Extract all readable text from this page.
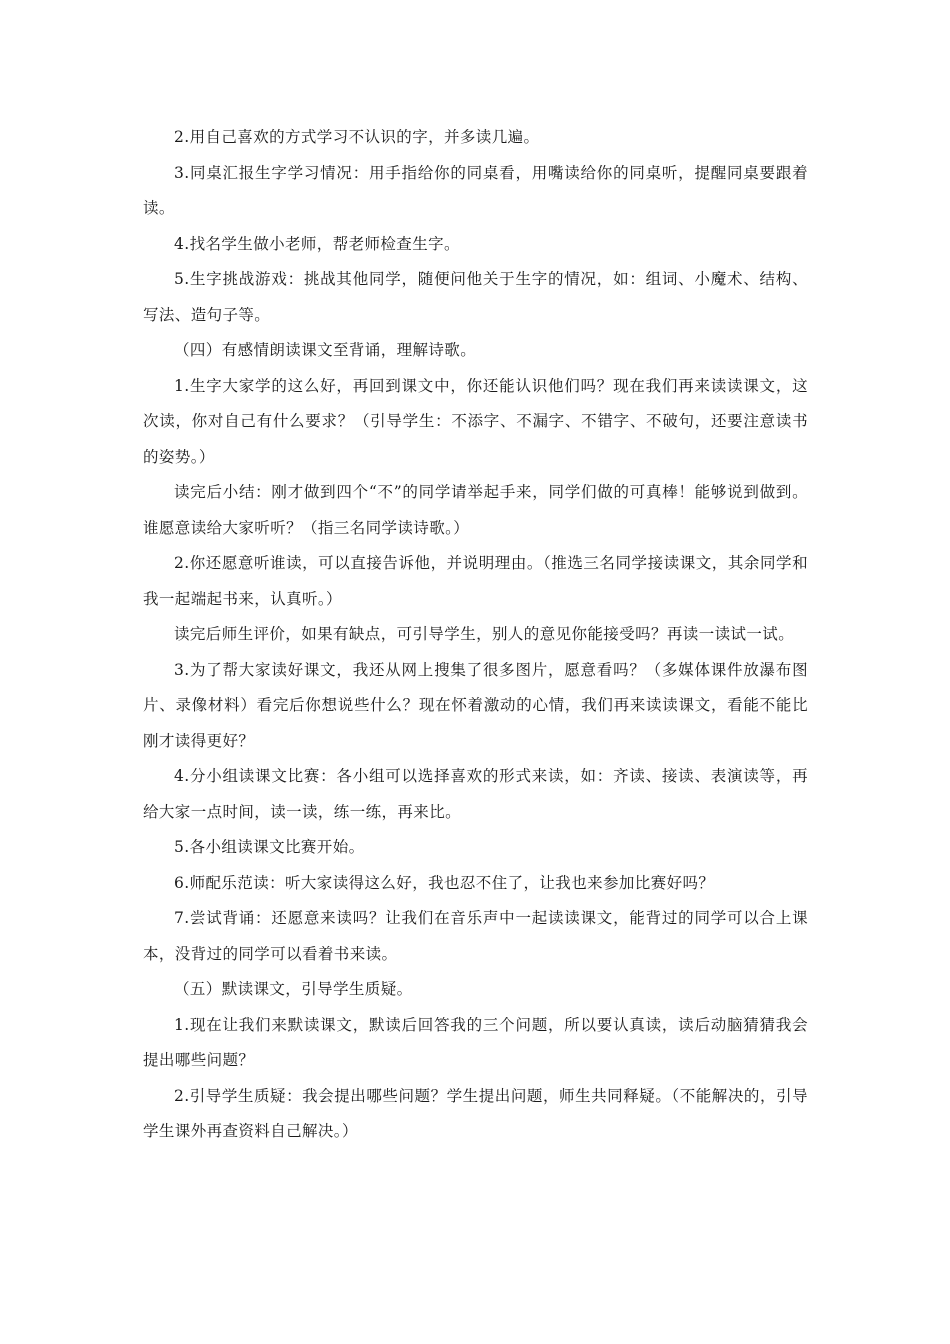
2.用自己喜欢的方式学习不认识的字，并多读几遍。

3.同桌汇报生字学习情况：用手指给你的同桌看，用嘴读给你的同桌听，提醒同桌要跟着读。

4.找名学生做小老师，帮老师检查生字。

5.生字挑战游戏：挑战其他同学，随便问他关于生字的情况，如：组词、小魔术、结构、写法、造句子等。

（四）有感情朗读课文至背诵，理解诗歌。

1.生字大家学的这么好，再回到课文中，你还能认识他们吗？现在我们再来读读课文，这次读，你对自己有什么要求？（引导学生：不添字、不漏字、不错字、不破句，还要注意读书的姿势。）

读完后小结：刚才做到四个“不”的同学请举起手来，同学们做的可真棒！能够说到做到。谁愿意读给大家听听？（指三名同学读诗歌。）

2.你还愿意听谁读，可以直接告诉他，并说明理由。（推选三名同学接读课文，其余同学和我一起端起书来，认真听。）

读完后师生评价，如果有缺点，可引导学生，别人的意见你能接受吗？再读一读试一试。

3.为了帮大家读好课文，我还从网上搜集了很多图片，愿意看吗？（多媒体课件放瀑布图片、录像材料）看完后你想说些什么？现在怀着激动的心情，我们再来读读课文，看能不能比刚才读得更好？

4.分小组读课文比赛：各小组可以选择喜欢的形式来读，如：齐读、接读、表演读等，再给大家一点时间，读一读，练一练，再来比。

5.各小组读课文比赛开始。

6.师配乐范读：听大家读得这么好，我也忍不住了，让我也来参加比赛好吗？

7.尝试背诵：还愿意来读吗？让我们在音乐声中一起读读课文，能背过的同学可以合上课本，没背过的同学可以看着书来读。

（五）默读课文，引导学生质疑。

1.现在让我们来默读课文，默读后回答我的三个问题，所以要认真读，读后动脑猜猜我会提出哪些问题？

2.引导学生质疑：我会提出哪些问题？学生提出问题，师生共同释疑。（不能解决的，引导学生课外再查资料自己解决。）
